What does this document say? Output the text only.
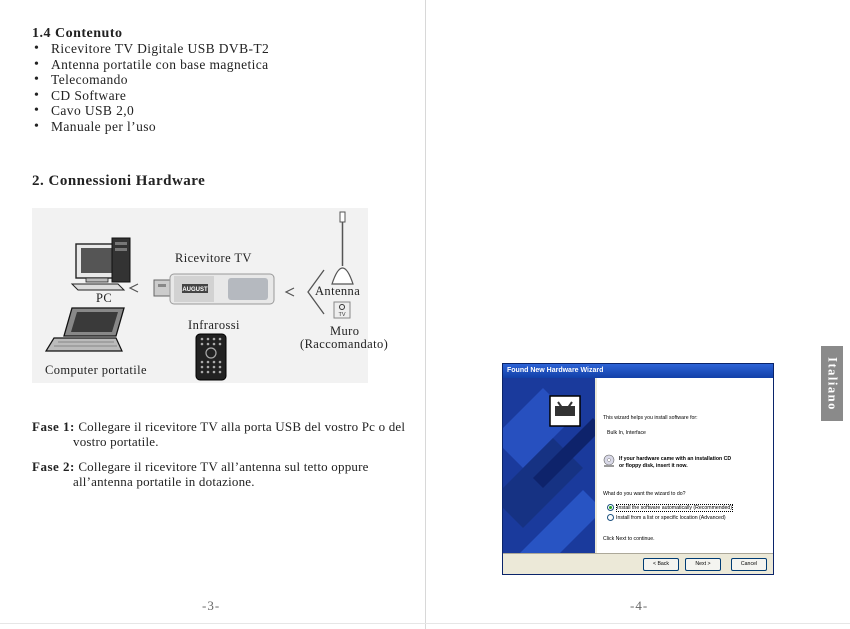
1.4 Contenuto
• Ricevitore TV Digitale USB DVB-T2
• Antenna portatile con base magnetica
• Telecomando
• CD Software
• Cavo USB 2,0
• Manuale per l’uso
2. Connessioni Hardware
AUGUST
TV
Ricevitore TV
PC	Antenna
Infrarossi	Muro
(Raccomandato)
Computer portatile
Fase 1: Collegare il ricevitore TV alla porta USB del vostro Pc o del
vostro portatile.
Fase 2: Collegare il ricevitore TV all’antenna sul tetto oppure
all’antenna portatile in dotazione.
-3-	-4-
Italiano
Found New Hardware Wizard
This wizard helps you install software for:
Bulk In, Interface
If your hardware came with an installation CD
or floppy disk, insert it now.
What do you want the wizard to do?
Install the software automatically (Recommended)
Install from a list or specific location (Advanced)
Click Next to continue.
< Back	Next >	Cancel
